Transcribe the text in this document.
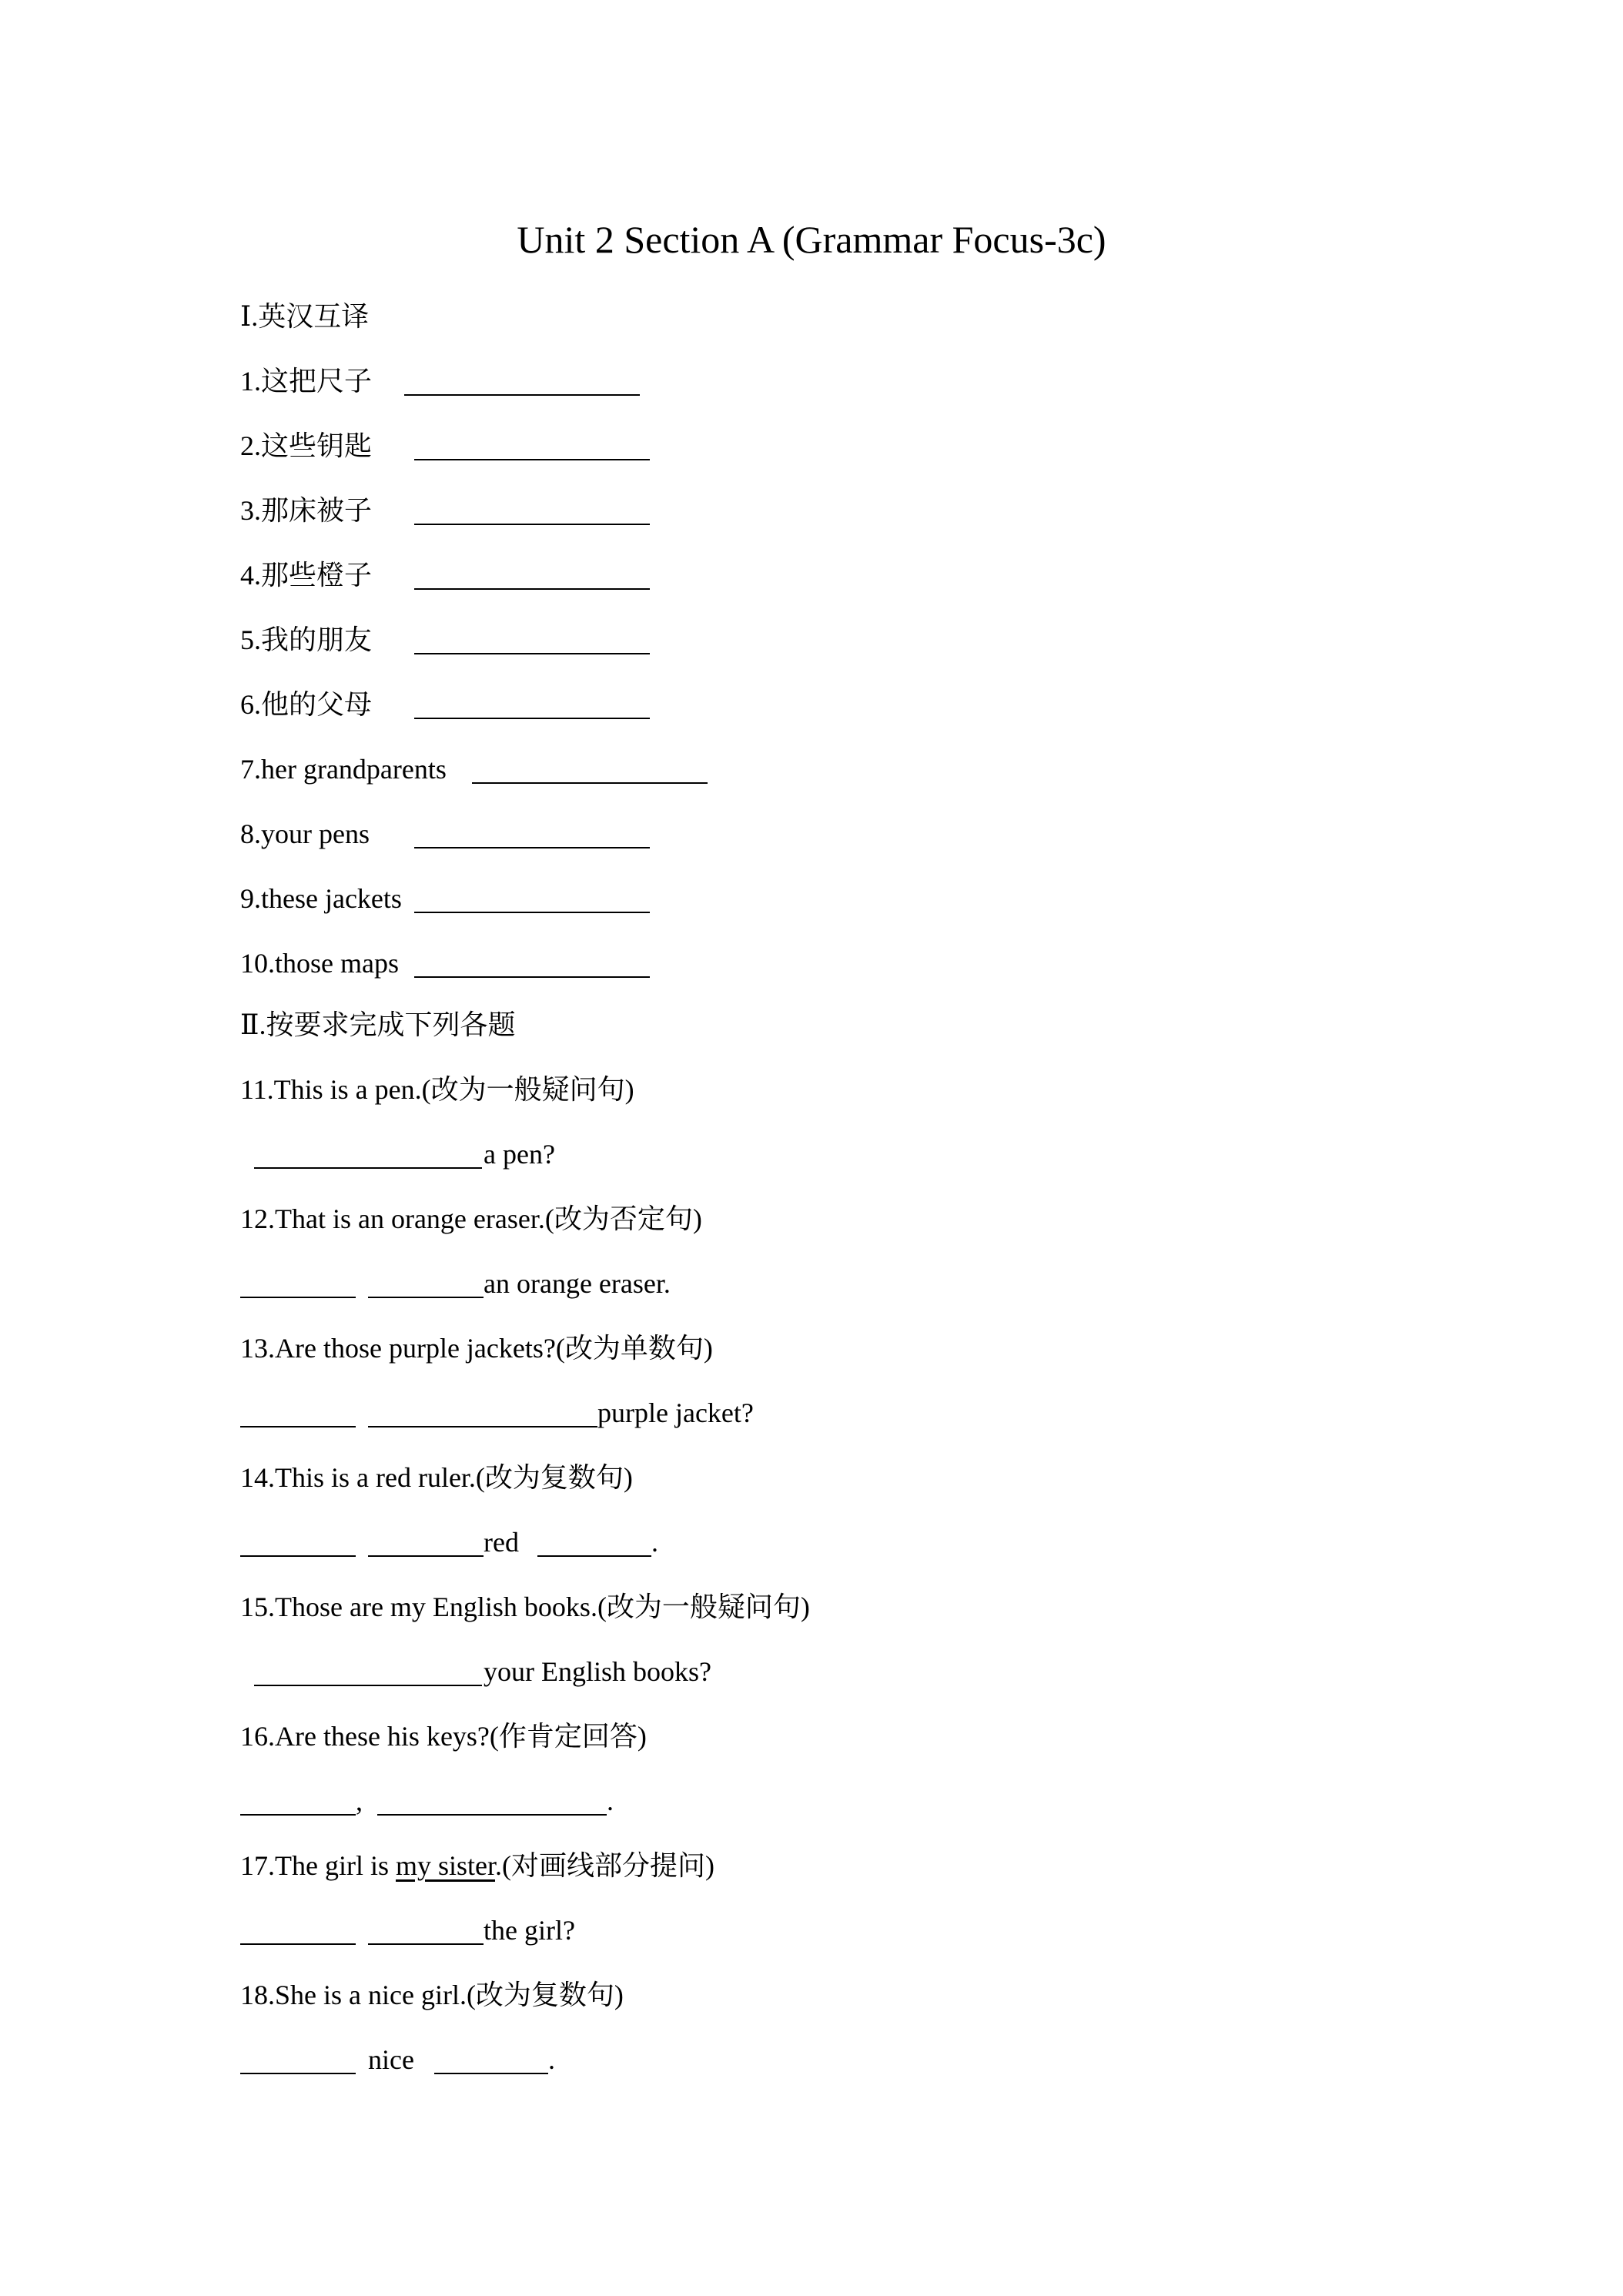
Unit 2 Section A (Grammar Focus-3c)
Ⅰ.英汉互译
1.这把尺子
2.这些钥匙
3.那床被子
4.那些橙子
5.我的朋友
6.他的父母
7.her grandparents
8.your pens
9.these jackets
10.those maps
Ⅱ.按要求完成下列各题
11.This is a pen.(改为一般疑问句)
a pen?
12.That is an orange eraser.(改为否定句)
an orange eraser.
13.Are those purple jackets?(改为单数句)
purple jacket?
14.This is a red ruler.(改为复数句)
red	.
15.Those are my English books.(改为一般疑问句)
your English books?
16.Are these his keys?(作肯定回答)
,	.
17.The girl is my sister.(对画线部分提问)
the girl?
18.She is a nice girl.(改为复数句)
nice	.
